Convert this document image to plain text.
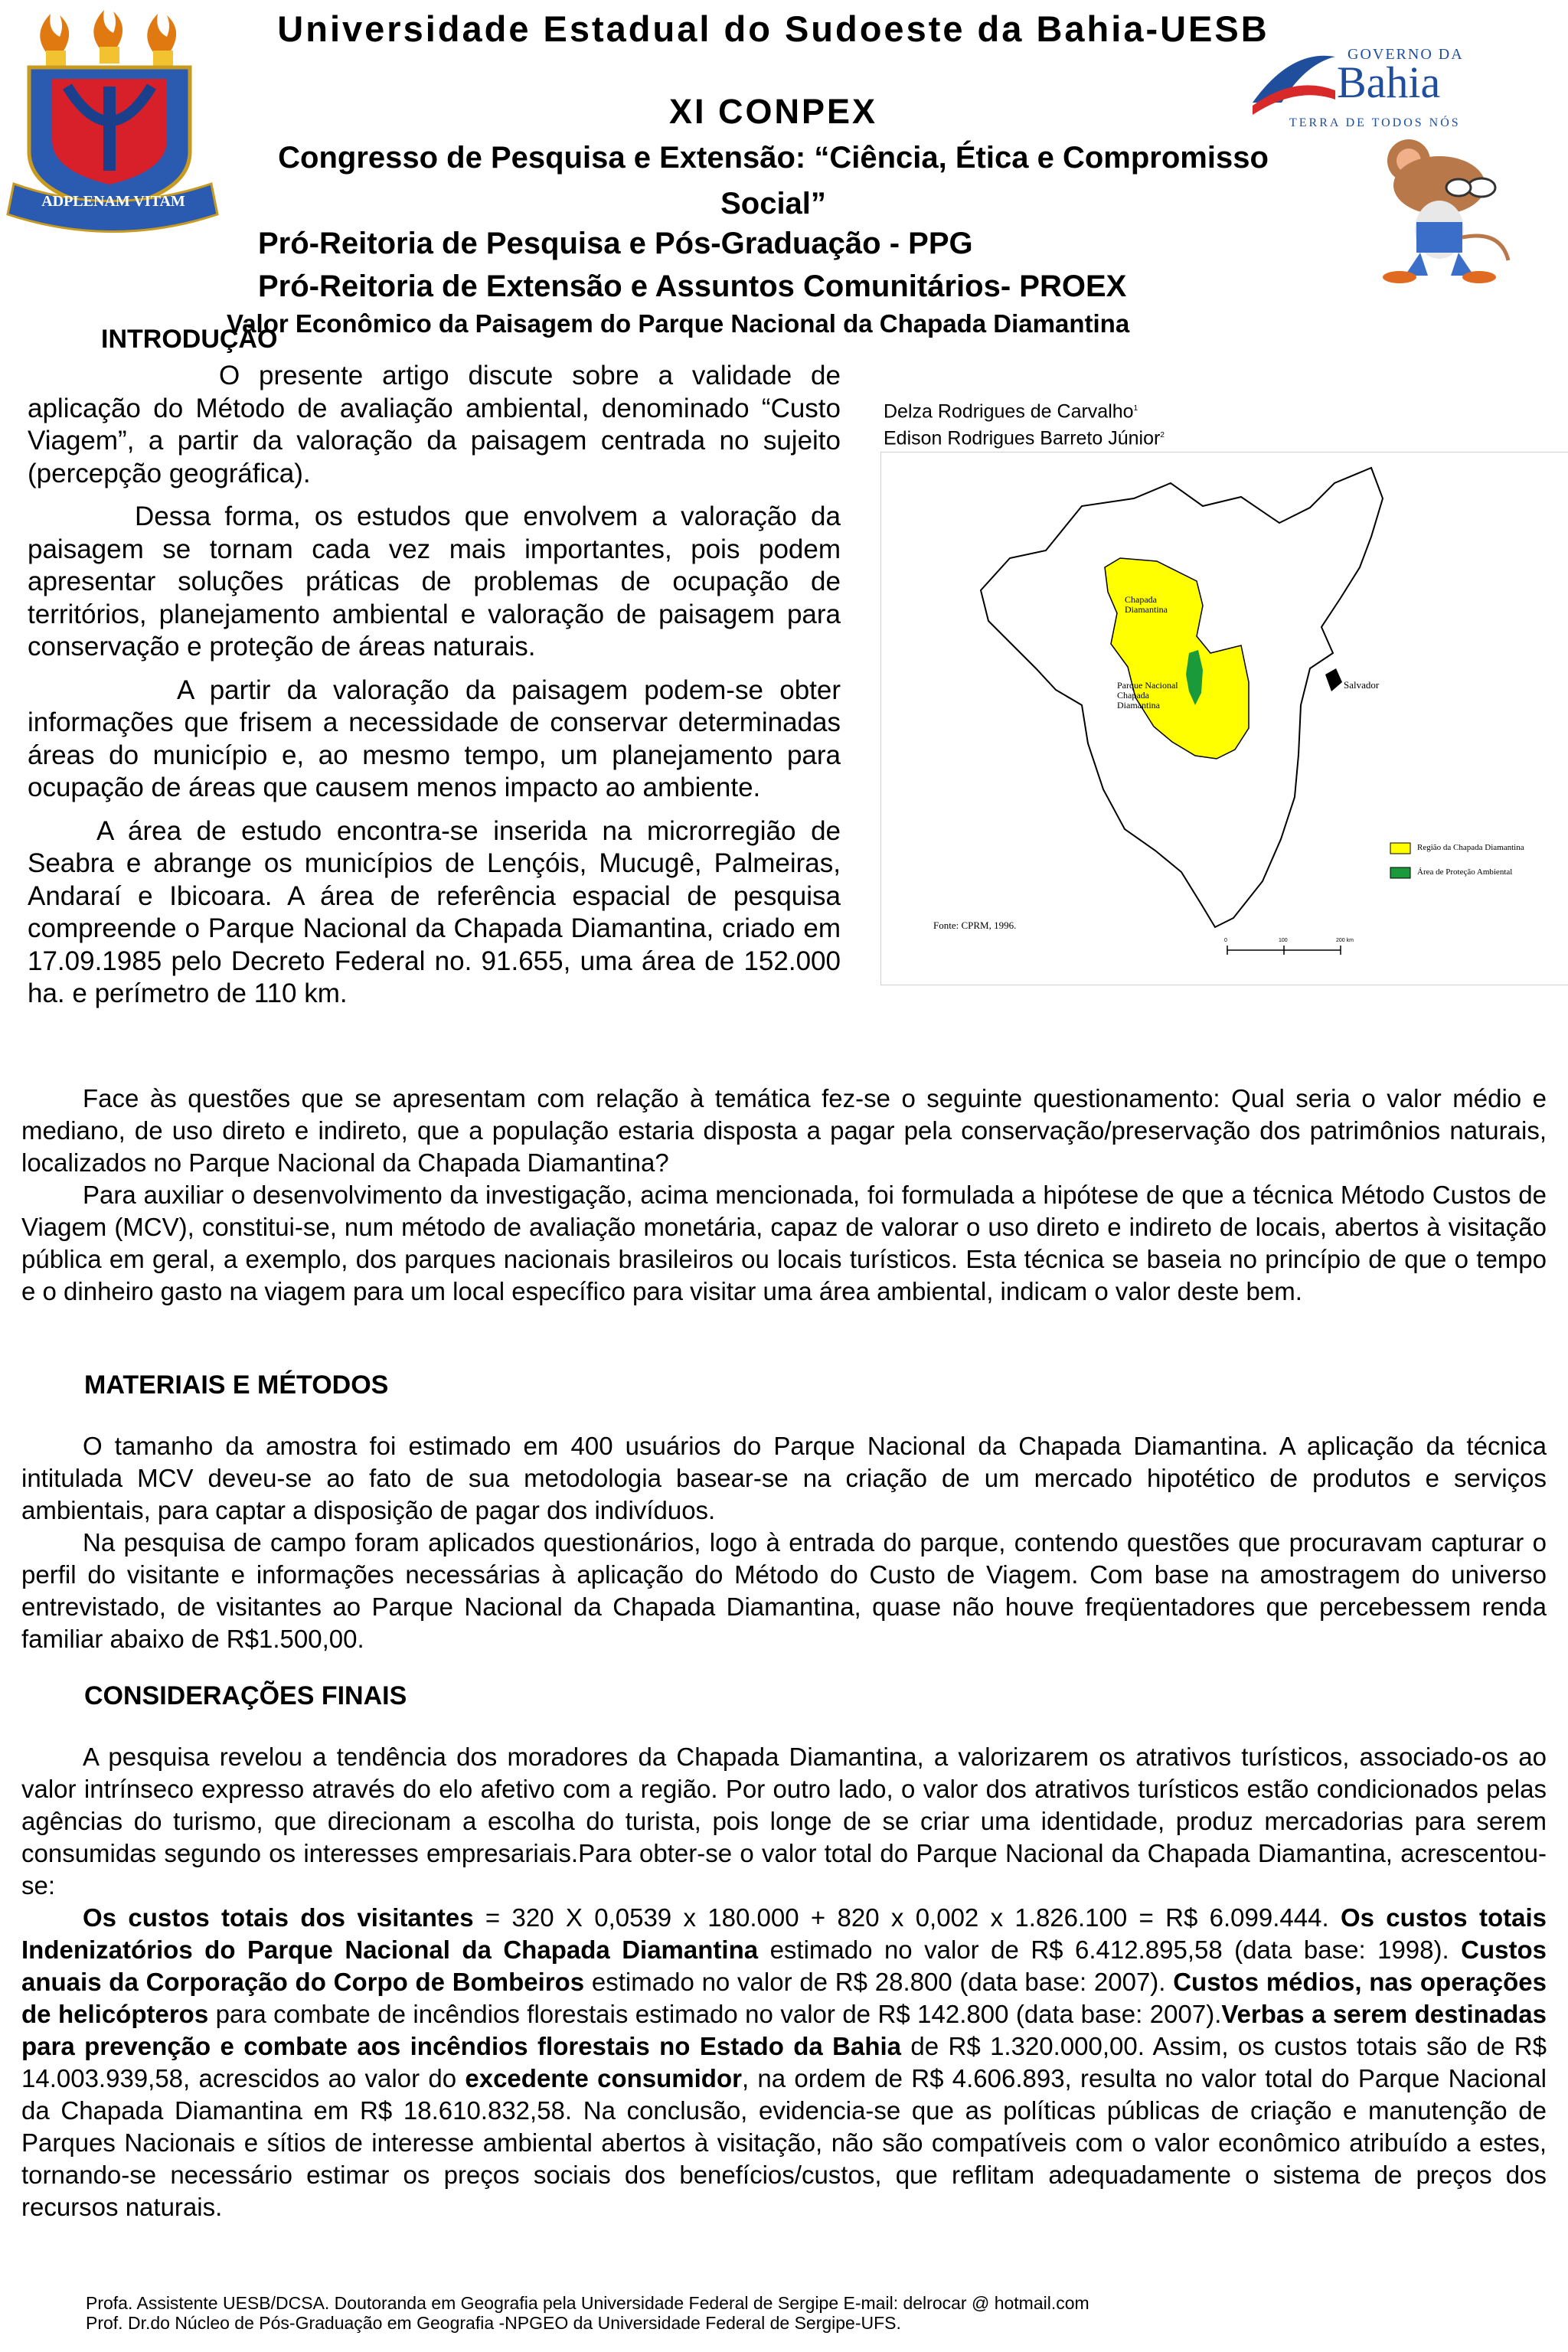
ADPLENAM VITAM
Universidade Estadual do Sudoeste da Bahia-UESB
XI CONPEX
Congresso de Pesquisa e Extensão: “Ciência, Ética e Compromisso Social”
Pró-Reitoria de Pesquisa e Pós-Graduação - PPG
Pró-Reitoria de Extensão e Assuntos Comunitários- PROEX
Valor Econômico da Paisagem do Parque Nacional da Chapada Diamantina
GOVERNO DA
Bahia
TERRA DE TODOS NÓS
INTRODUÇÃO

O presente artigo discute sobre a validade de aplicação do Método de avaliação ambiental, denominado “Custo Viagem”, a partir da valoração da paisagem centrada no sujeito (percepção geográfica).

Dessa forma, os estudos que envolvem a valoração da paisagem se tornam cada vez mais importantes, pois podem apresentar soluções práticas de problemas de ocupação de territórios, planejamento ambiental e valoração de paisagem para conservação e proteção de áreas naturais.

A partir da valoração da paisagem podem-se obter informações que frisem a necessidade de conservar determinadas áreas do município e, ao mesmo tempo, um planejamento para ocupação de áreas que causem menos impacto ao ambiente.

A área de estudo encontra-se inserida na microrregião de Seabra e abrange os municípios de Lençóis, Mucugê, Palmeiras, Andaraí e Ibicoara. A área de referência espacial de pesquisa compreende o Parque Nacional da Chapada Diamantina, criado em 17.09.1985 pelo Decreto Federal no. 91.655, uma área de 152.000 ha. e perímetro de 110 km.

Delza Rodrigues de Carvalho$^1$
Edison Rodrigues Barreto Júnior$^2$
Chapada Diamantina
Parque Nacional Chapada Diamantina
Salvador
Região da Chapada Diamantina
Área de Proteção Ambiental
Fonte: CPRM, 1996.
0	100	200 km

Face às questões que se apresentam com relação à temática fez-se o seguinte questionamento: Qual seria o valor médio e mediano, de uso direto e indireto, que a população estaria disposta a pagar pela conservação/preservação dos patrimônios naturais, localizados no Parque Nacional da Chapada Diamantina?

Para auxiliar o desenvolvimento da investigação, acima mencionada, foi formulada a hipótese de que a técnica Método Custos de Viagem (MCV), constitui-se, num método de avaliação monetária, capaz de valorar o uso direto e indireto de locais, abertos à visitação pública em geral, a exemplo, dos parques nacionais brasileiros ou locais turísticos. Esta técnica se baseia no princípio de que o tempo e o dinheiro gasto na viagem para um local específico para visitar uma área ambiental, indicam o valor deste bem.

MATERIAIS E MÉTODOS

O tamanho da amostra foi estimado em 400 usuários do Parque Nacional da Chapada Diamantina. A aplicação da técnica intitulada MCV deveu-se ao fato de sua metodologia basear-se na criação de um mercado hipotético de produtos e serviços ambientais, para captar a disposição de pagar dos indivíduos.

Na pesquisa de campo foram aplicados questionários, logo à entrada do parque, contendo questões que procuravam capturar o perfil do visitante e informações necessárias à aplicação do Método do Custo de Viagem. Com base na amostragem do universo entrevistado, de visitantes ao Parque Nacional da Chapada Diamantina, quase não houve freqüentadores que percebessem renda familiar abaixo de R$1.500,00.

CONSIDERAÇÕES FINAIS

A pesquisa revelou a tendência dos moradores da Chapada Diamantina, a valorizarem os atrativos turísticos, associado-os ao valor intrínseco expresso através do elo afetivo com a região. Por outro lado, o valor dos atrativos turísticos estão condicionados pelas agências do turismo, que direcionam a escolha do turista, pois longe de se criar uma identidade, produz mercadorias para serem consumidas segundo os interesses empresariais.Para obter-se o valor total do Parque Nacional da Chapada Diamantina, acrescentou-se:

Os custos totais dos visitantes = 320 X 0,0539 x 180.000 + 820 x 0,002 x 1.826.100 = R$ 6.099.444. Os custos totais Indenizatórios do Parque Nacional da Chapada Diamantina estimado no valor de R$ 6.412.895,58 (data base: 1998). Custos anuais da Corporação do Corpo de Bombeiros estimado no valor de R$ 28.800 (data base: 2007). Custos médios, nas operações de helicópteros para combate de incêndios florestais estimado no valor de R$ 142.800 (data base: 2007).Verbas a serem destinadas para prevenção e combate aos incêndios florestais no Estado da Bahia de R$ 1.320.000,00. Assim, os custos totais são de R$ 14.003.939,58, acrescidos ao valor do excedente consumidor, na ordem de R$ 4.606.893, resulta no valor total do Parque Nacional da Chapada Diamantina em R$ 18.610.832,58. Na conclusão, evidencia-se que as políticas públicas de criação e manutenção de Parques Nacionais e sítios de interesse ambiental abertos à visitação, não são compatíveis com o valor econômico atribuído a estes, tornando-se necessário estimar os preços sociais dos benefícios/custos, que reflitam adequadamente o sistema de preços dos recursos naturais.

Profa. Assistente UESB/DCSA. Doutoranda em Geografia pela Universidade Federal de Sergipe E-mail: delrocar @ hotmail.com
Prof. Dr.do Núcleo de Pós-Graduação em Geografia -NPGEO da Universidade Federal de Sergipe-UFS.
